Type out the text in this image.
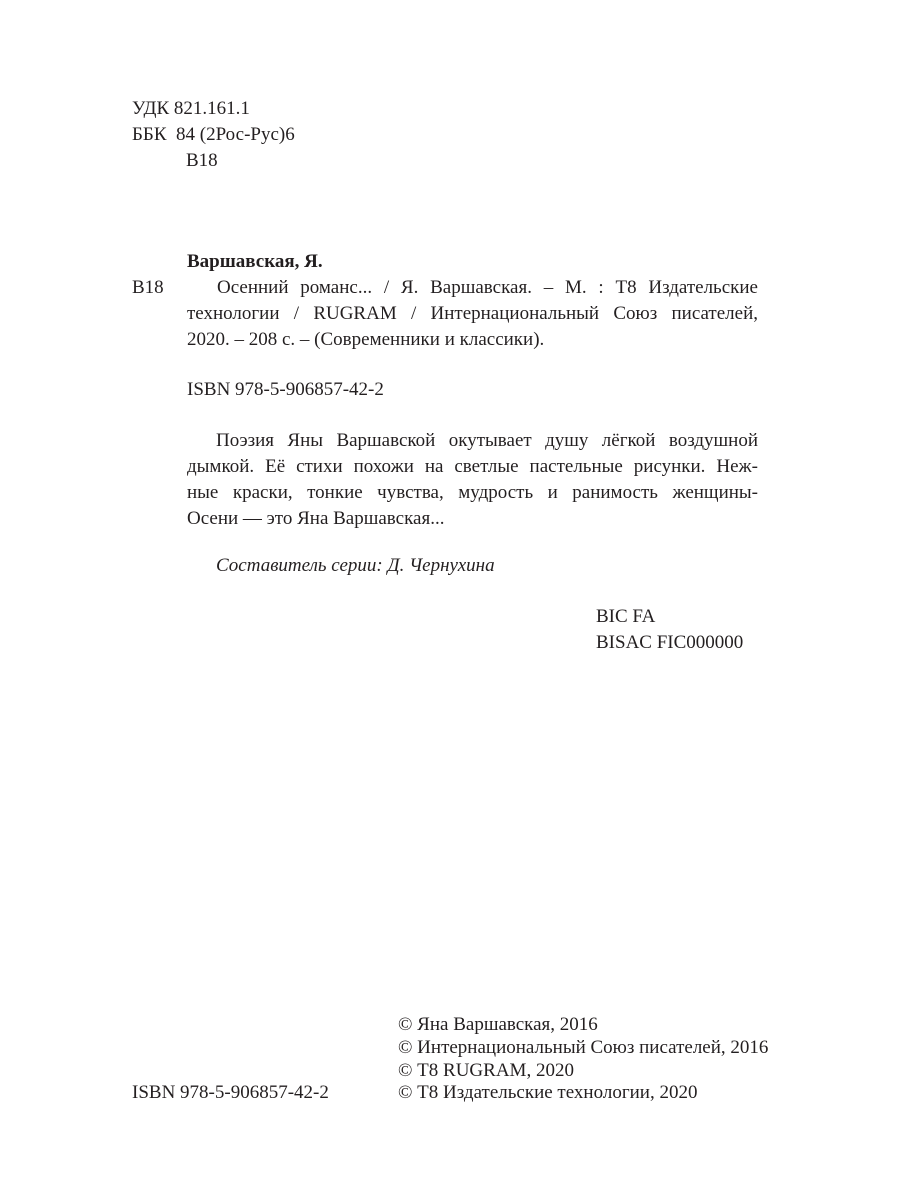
УДК 821.161.1
ББК  84 (2Рос-Рус)6
В18
Варшавская, Я.
В18	Осенний романс... / Я. Варшавская. – М. : Т8 Издательские
технологии / RUGRAM / Интернациональный Союз писателей,
2020. – 208 с. – (Современники и классики).
ISBN 978-5-906857-42-2
Поэзия Яны Варшавской окутывает душу лёгкой воздушной
дымкой. Её стихи похожи на светлые пастельные рисунки. Неж-
ные краски, тонкие чувства, мудрость и ранимость женщины-
Осени — это Яна Варшавская...
Составитель серии: Д. Чернухина
BIC FA
BISAC FIC000000
ISBN 978-5-906857-42-2
© Яна Варшавская, 2016
© Интернациональный Союз писателей, 2016
© Т8 RUGRAM, 2020
© Т8 Издательские технологии, 2020
